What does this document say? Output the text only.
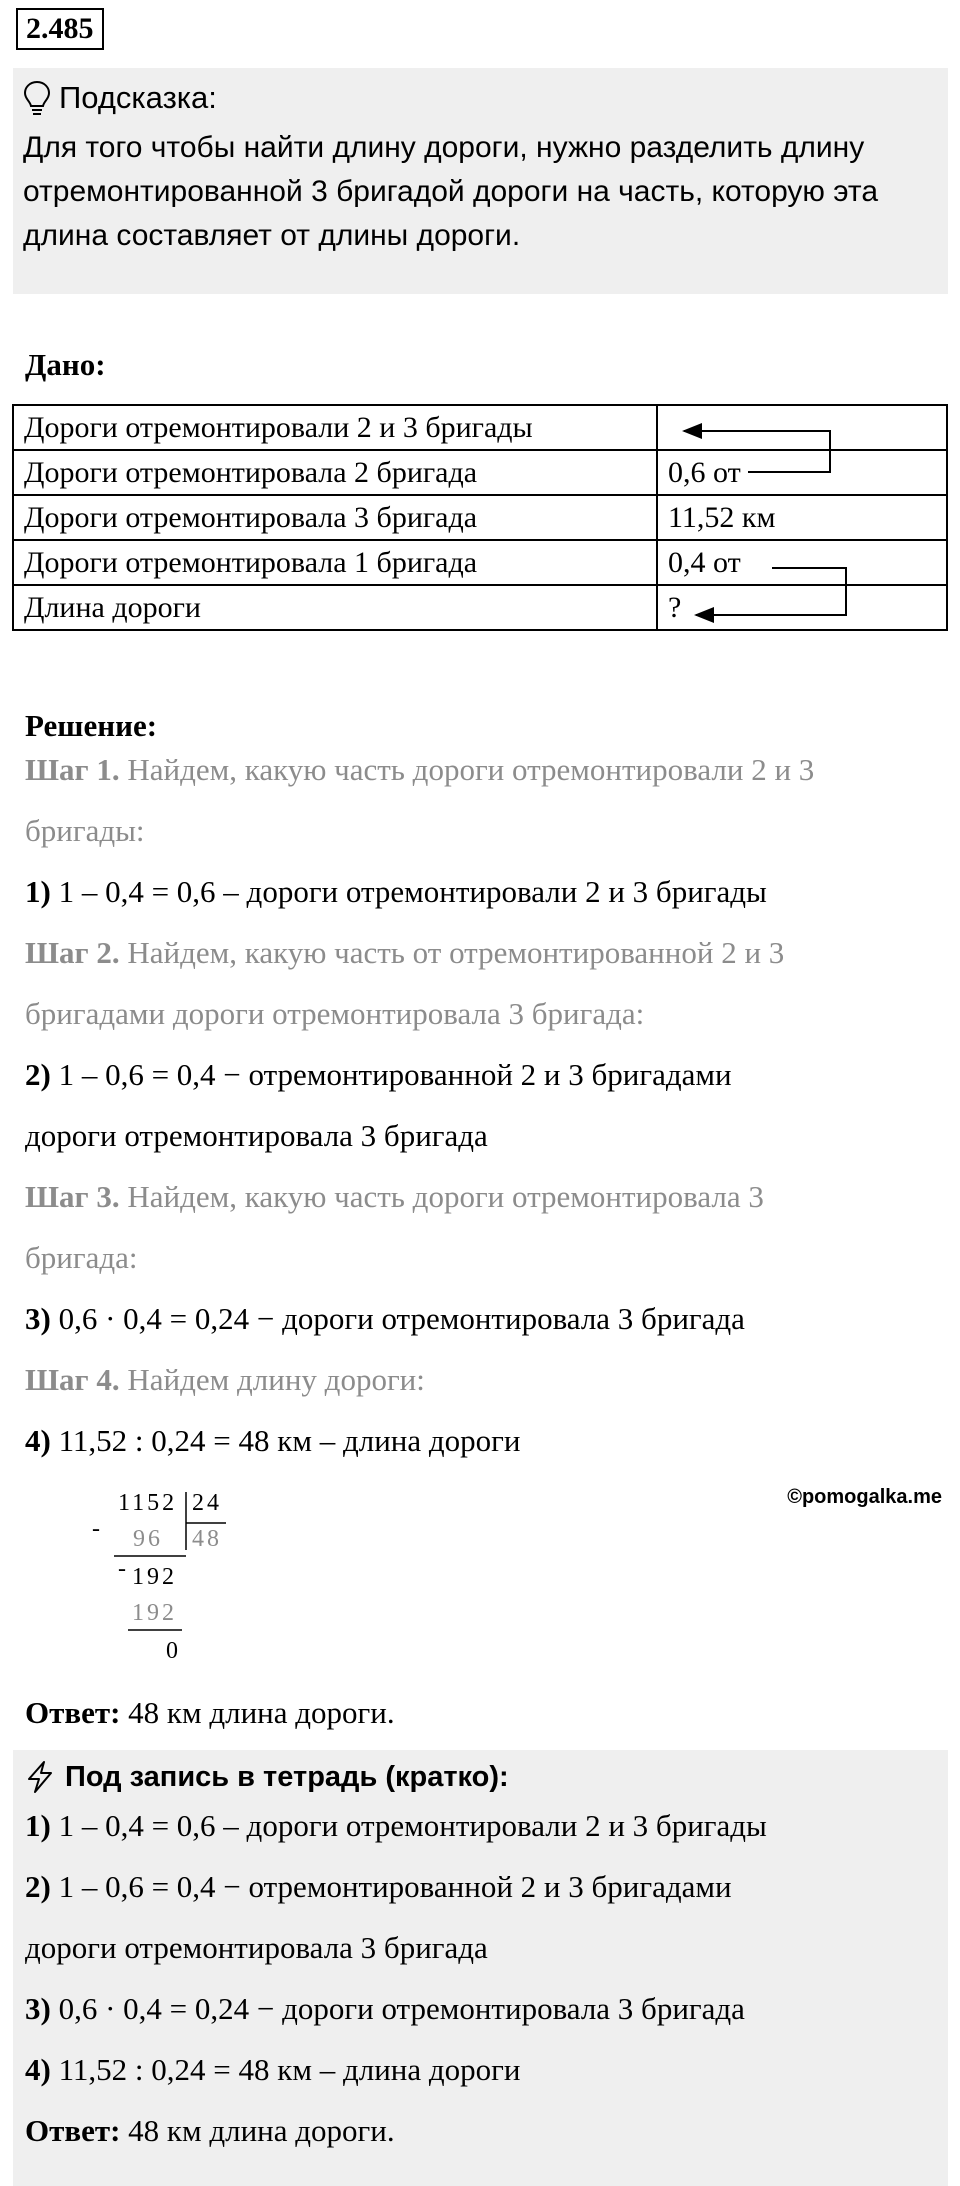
2.485
Подсказка:
Для того чтобы найти длину дороги, нужно разделить длину отремонтированной 3 бригадой дороги на часть, которую эта длина составляет от длины дороги.
Дано:
Дороги отремонтировали 2 и 3 бригады	
Дороги отремонтировала 2 бригада	0,6 от
Дороги отремонтировала 3 бригада	11,52 км
Дороги отремонтировала 1 бригада	0,4 от
Длина дороги	?
Решение:
Шаг 1. Найдем, какую часть дороги отремонтировали 2 и 3
бригады:
1) 1 – 0,4 = 0,6 – дороги отремонтировали 2 и 3 бригады
Шаг 2. Найдем, какую часть от отремонтированной 2 и 3
бригадами дороги отремонтировала 3 бригада:
2) 1 – 0,6 = 0,4 − отремонтированной 2 и 3 бригадами
дороги отремонтировала 3 бригада
Шаг 3. Найдем, какую часть дороги отремонтировала 3
бригада:
3) 0,6 · 0,4 = 0,24 − дороги отремонтировала 3 бригада
Шаг 4. Найдем длину дороги:
4) 11,52 : 0,24 = 48 км – длина дороги
©pomogalka.me
-
1152 24
96 48
- 192
192
0
Ответ: 48 км длина дороги.
Под запись в тетрадь (кратко):
1) 1 – 0,4 = 0,6 – дороги отремонтировали 2 и 3 бригады
2) 1 – 0,6 = 0,4 − отремонтированной 2 и 3 бригадами
дороги отремонтировала 3 бригада
3) 0,6 · 0,4 = 0,24 − дороги отремонтировала 3 бригада
4) 11,52 : 0,24 = 48 км – длина дороги
Ответ: 48 км длина дороги.
